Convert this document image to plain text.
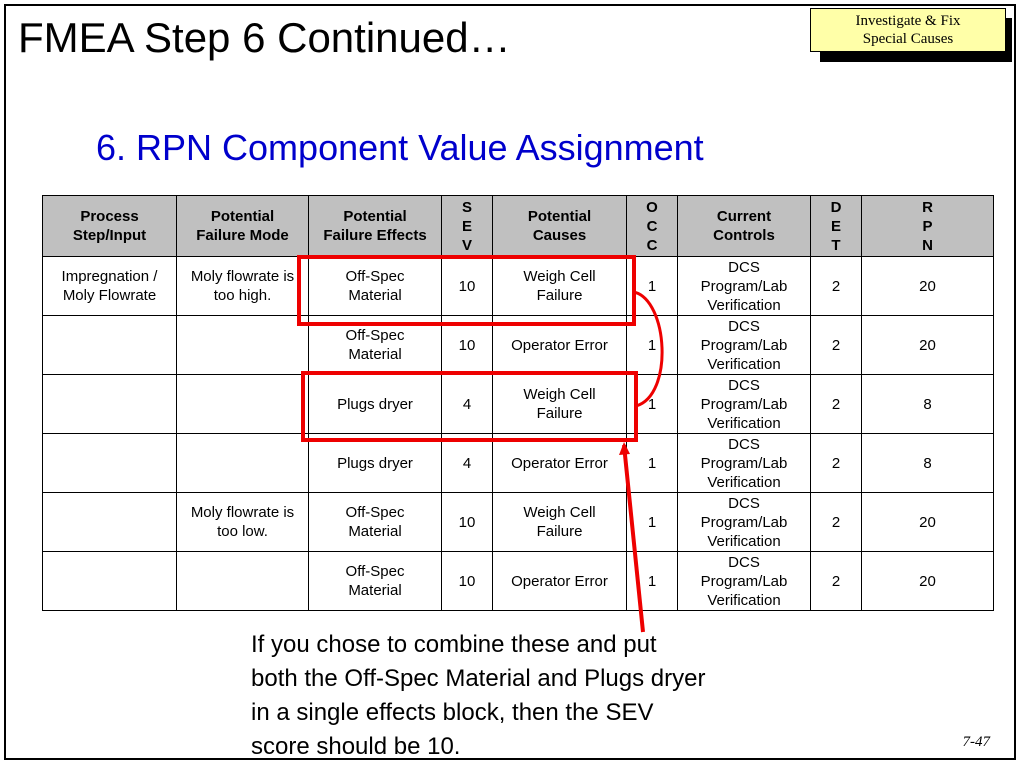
FMEA Step 6 Continued…	Investigate & Fix
Special Causes
6. RPN Component Value Assignment
Process
Step/Input	Potential
Failure Mode	Potential
Failure Effects	S
E
V	Potential
Causes	O
C
C	Current
Controls	D
E
T	R
P
N

Impregnation /
Moly Flowrate	Moly flowrate is
too high.	Off-Spec
Material	10	Weigh Cell
Failure	1	DCS
Program/Lab
Verification	2	20

		Off-Spec
Material	10	Operator Error	1	DCS
Program/Lab
Verification	2	20

		Plugs dryer	4	Weigh Cell
Failure	1	DCS
Program/Lab
Verification	2	8

		Plugs dryer	4	Operator Error	1	DCS
Program/Lab
Verification	2	8

	Moly flowrate is
too low.	Off-Spec
Material	10	Weigh Cell
Failure	1	DCS
Program/Lab
Verification	2	20

		Off-Spec
Material	10	Operator Error	1	DCS
Program/Lab
Verification	2	20
If you chose to combine these and put
both the Off-Spec Material and Plugs dryer
in a single effects block, then the SEV
score should be 10.	7-47
